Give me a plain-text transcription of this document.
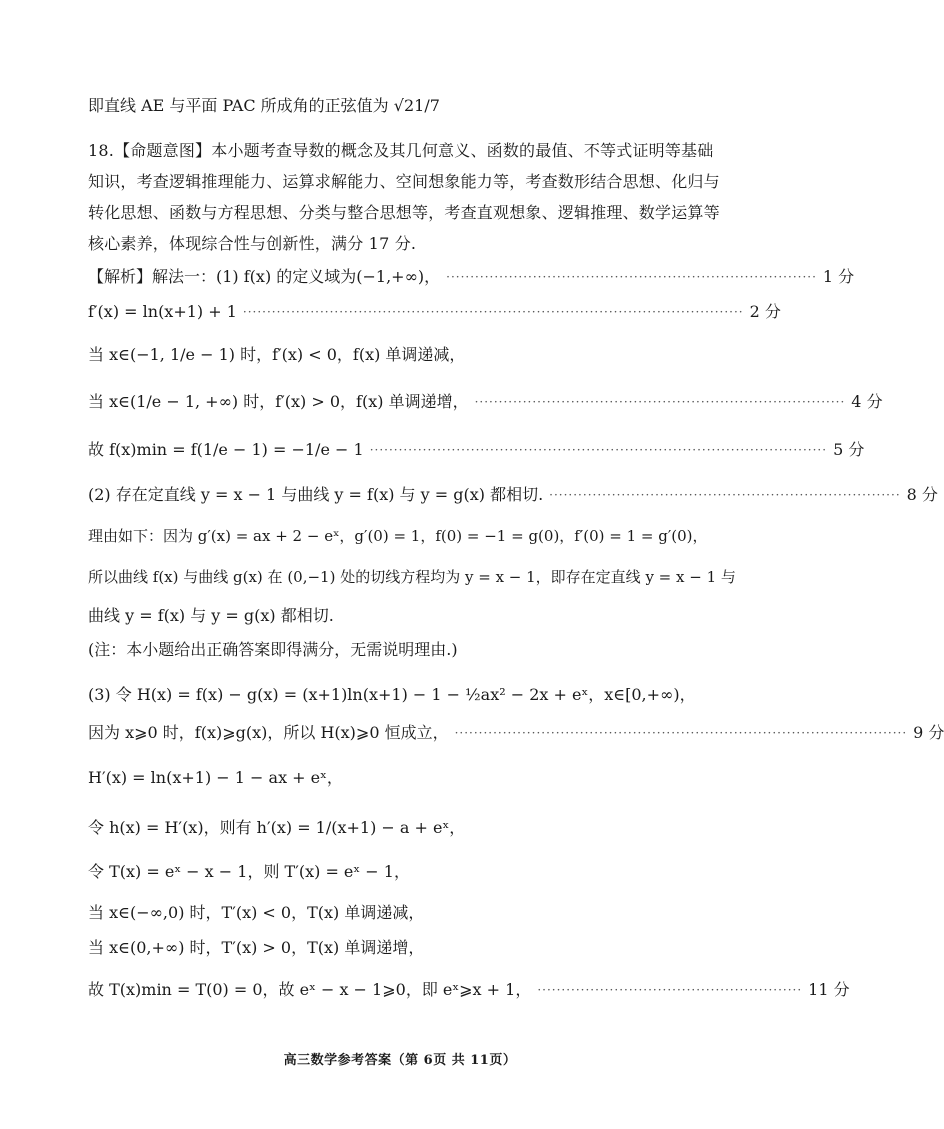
即直线 AE 与平面 PAC 所成角的正弦值为 √21/7
18.【命题意图】本小题考查导数的概念及其几何意义、函数的最值、不等式证明等基础
知识，考查逻辑推理能力、运算求解能力、空间想象能力等，考查数形结合思想、化归与
转化思想、函数与方程思想、分类与整合思想等，考查直观想象、逻辑推理、数学运算等
核心素养，体现综合性与创新性，满分 17 分.
【解析】解法一：(1) f(x) 的定义域为(−1,+∞)， ············································································· 1 分
f′(x) = ln(x+1) + 1 ········································································································ 2 分
当 x∈(−1, 1/e − 1) 时，f′(x) < 0，f(x) 单调递减，
当 x∈(1/e − 1, +∞) 时，f′(x) > 0，f(x) 单调递增， ············································································· 4 分
故 f(x)min = f(1/e − 1) = −1/e − 1 ······························································································· 5 分
(2) 存在定直线 y = x − 1 与曲线 y = f(x) 与 y = g(x) 都相切. ········································································· 8 分
理由如下：因为 g′(x) = ax + 2 − eˣ，g′(0) = 1，f(0) = −1 = g(0)，f′(0) = 1 = g′(0)，
所以曲线 f(x) 与曲线 g(x) 在 (0,−1) 处的切线方程均为 y = x − 1，即存在定直线 y = x − 1 与
曲线 y = f(x) 与 y = g(x) 都相切.
(注：本小题给出正确答案即得满分，无需说明理由.)
(3) 令 H(x) = f(x) − g(x) = (x+1)ln(x+1) − 1 − ½ax² − 2x + eˣ，x∈[0,+∞)，
因为 x⩾0 时，f(x)⩾g(x)，所以 H(x)⩾0 恒成立， ······························································································ 9 分
H′(x) = ln(x+1) − 1 − ax + eˣ，
令 h(x) = H′(x)，则有 h′(x) = 1/(x+1) − a + eˣ，
令 T(x) = eˣ − x − 1，则 T′(x) = eˣ − 1，
当 x∈(−∞,0) 时，T′(x) < 0，T(x) 单调递减，
当 x∈(0,+∞) 时，T′(x) > 0，T(x) 单调递增，
故 T(x)min = T(0) = 0，故 eˣ − x − 1⩾0，即 eˣ⩾x + 1， ······················································· 11 分
高三数学参考答案（第 6页 共 11页）
